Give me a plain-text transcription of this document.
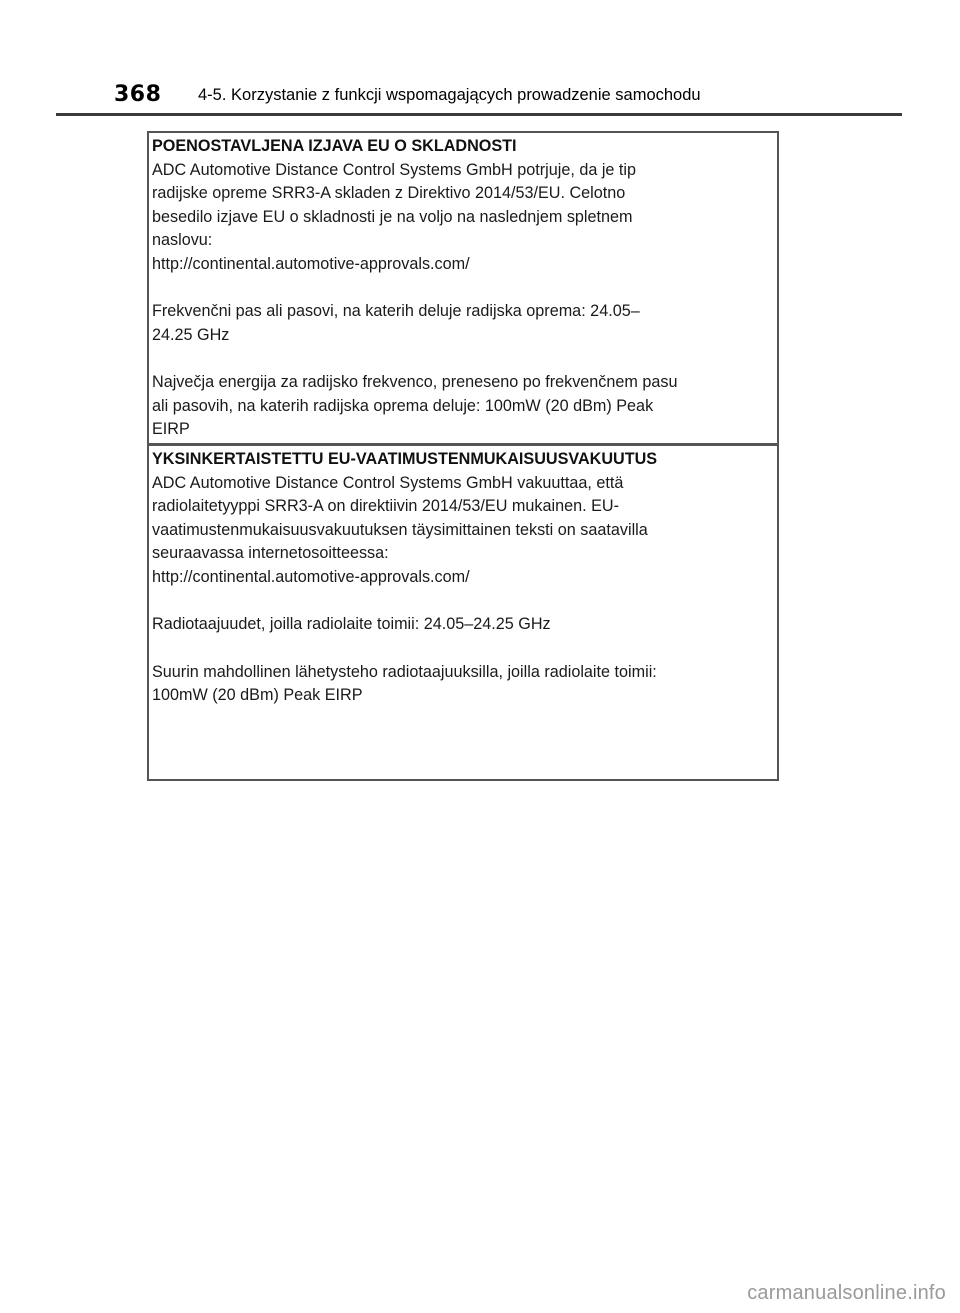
368 4-5. Korzystanie z funkcji wspomagających prowadzenie samochodu

POENOSTAVLJENA IZJAVA EU O SKLADNOSTI

ADC Automotive Distance Control Systems GmbH potrjuje, da je tip
radijske opreme SRR3-A skladen z Direktivo 2014/53/EU. Celotno
besedilo izjave EU o skladnosti je na voljo na naslednjem spletnem
naslovu:
http://continental.automotive-approvals.com/

Frekvenčni pas ali pasovi, na katerih deluje radijska oprema: 24.05–
24.25 GHz

Največja energija za radijsko frekvenco, preneseno po frekvenčnem pasu
ali pasovih, na katerih radijska oprema deluje: 100mW (20 dBm) Peak
EIRP

YKSINKERTAISTETTU EU-VAATIMUSTENMUKAISUUSVAKUUTUS

ADC Automotive Distance Control Systems GmbH vakuuttaa, että
radiolaitetyyppi SRR3-A on direktiivin 2014/53/EU mukainen. EU-
vaatimustenmukaisuusvakuutuksen täysimittainen teksti on saatavilla
seuraavassa internetosoitteessa:
http://continental.automotive-approvals.com/

Radiotaajuudet, joilla radiolaite toimii: 24.05–24.25 GHz

Suurin mahdollinen lähetysteho radiotaajuuksilla, joilla radiolaite toimii:
100mW (20 dBm) Peak EIRP

carmanualsonline.info
